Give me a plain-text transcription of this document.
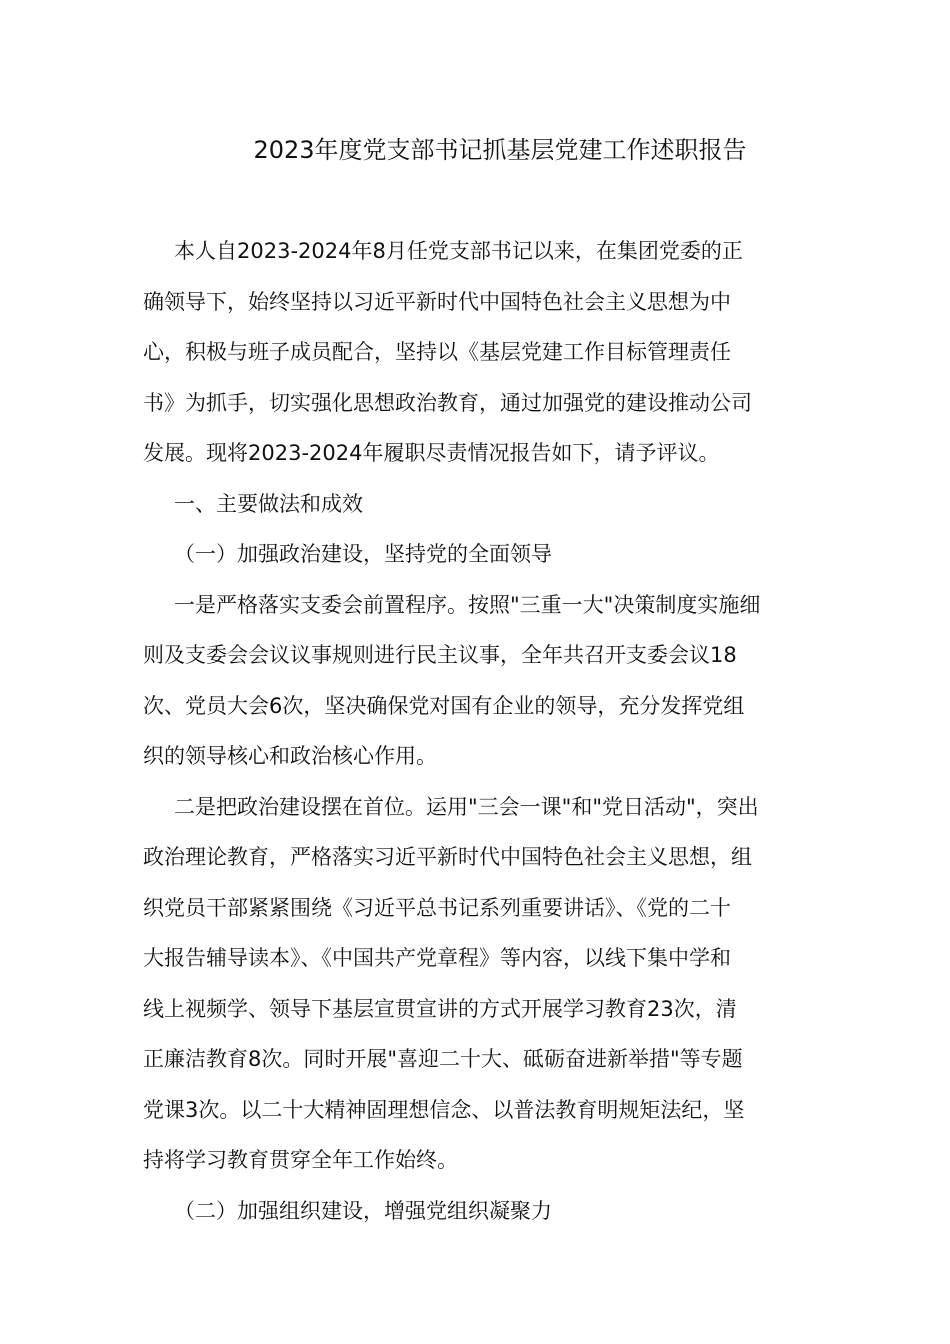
2023年度党支部书记抓基层党建工作述职报告
本人自2023-2024年8月任党支部书记以来，在集团党委的正
确领导下，始终坚持以习近平新时代中国特色社会主义思想为中
心，积极与班子成员配合，坚持以《基层党建工作目标管理责任
书》为抓手，切实强化思想政治教育，通过加强党的建设推动公司
发展。现将2023-2024年履职尽责情况报告如下，请予评议。
一、主要做法和成效
（一）加强政治建设，坚持党的全面领导
一是严格落实支委会前置程序。按照"三重一大"决策制度实施细
则及支委会会议议事规则进行民主议事，全年共召开支委会议18
次、党员大会6次，坚决确保党对国有企业的领导，充分发挥党组
织的领导核心和政治核心作用。
二是把政治建设摆在首位。运用"三会一课"和"党日活动"，突出
政治理论教育，严格落实习近平新时代中国特色社会主义思想，组
织党员干部紧紧围绕《习近平总书记系列重要讲话》、《党的二十
大报告辅导读本》、《中国共产党章程》等内容，以线下集中学和
线上视频学、领导下基层宣贯宣讲的方式开展学习教育23次，清
正廉洁教育8次。同时开展"喜迎二十大、砥砺奋进新举措"等专题
党课3次。以二十大精神固理想信念、以普法教育明规矩法纪，坚
持将学习教育贯穿全年工作始终。
（二）加强组织建设，增强党组织凝聚力
